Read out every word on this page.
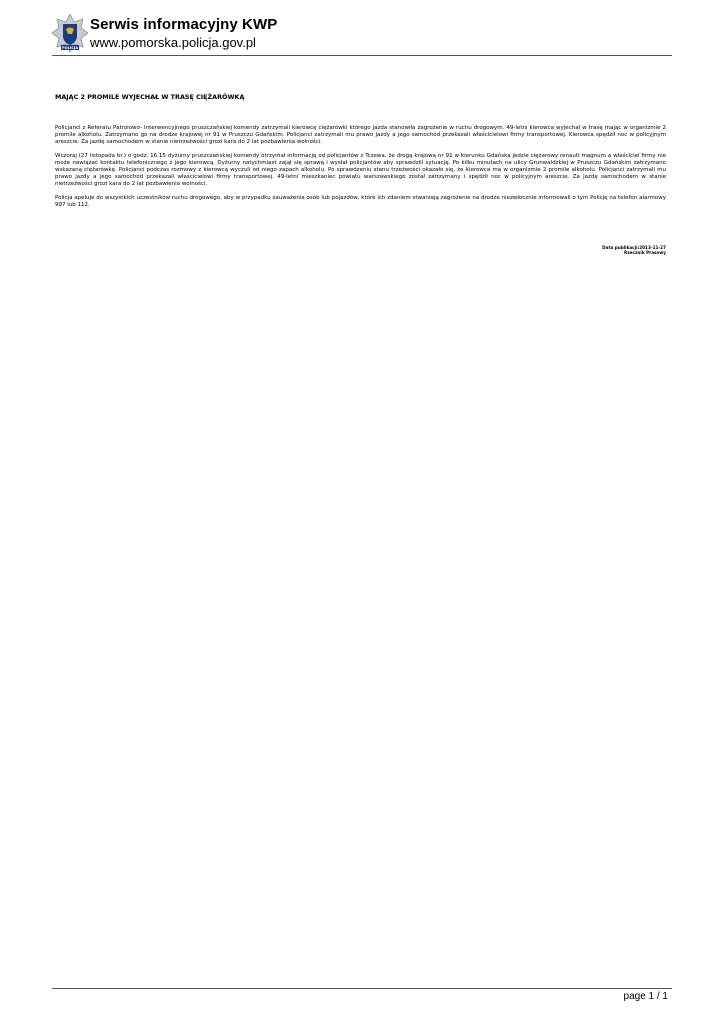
POLICJA
Serwis informacyjny KWP
www.pomorska.policja.gov.pl
MAJĄC 2 PROMILE WYJECHAŁ W TRASĘ CIĘŻARÓWKĄ

Policjanci z Referatu Patrolowo- Interwencyjnego pruszczańskiej komendy zatrzymali kierowcę ciężarówki którego jazda stanowiła zagrożenie w ruchu drogowym. 49-letni kierowca wyjechał w trasę mając w organizmie 2 promile alkoholu. Zatrzymano go na drodze krajowej nr 91 w Pruszczu Gdańskim. Policjanci zatrzymali mu prawo jazdy a jego samochód przekazali właścicielowi firmy transportowej. Kierowca spędził noc w policyjnym areszcie. Za jazdę samochodem w stanie nietrzeźwości grozi kara do 2 lat pozbawienia wolności.

Wczoraj (27 listopada br.) o godz. 16.15 dyżurny pruszczańskiej komendy otrzymał informację od policjantów z Tczewa, że drogą krajową nr 91 w kierunku Gdańska jedzie ciężarowy renault magnum a właściciel firmy nie może nawiązać kontaktu telefonicznego z jego kierowcą. Dyżurny natychmiast zajął się sprawą i wysłał policjantów aby sprawdzili sytuację. Po kilku minutach na ulicy Grunwaldzkiej w Pruszczu Gdańskim zatrzymano wskazaną ciężarówkę. Policjanci podczas rozmowy z kierowcą wyczuli od niego zapach alkoholu. Po sprawdzeniu stanu trzeźwości okazało się, że kierowca ma w organizmie 2 promile alkoholu. Policjanci zatrzymali mu prawo jazdy a jego samochód przekazali właścicielowi firmy transportowej. 49-letni mieszkaniec powiatu warszawskiego został zatrzymany i spędził noc w policyjnym areszcie. Za jazdę samochodem w stanie nietrzeźwości grozi kara do 2 lat pozbawienia wolności.

Policja apeluje do wszystkich uczestników ruchu drogowego, aby w przypadku zauważenia osób lub pojazdów, które ich zdaniem stwarzają zagrożenie na drodze niezwłocznie informowali o tym Policję na telefon alarmowy 997 lub 112.

Data publikacji:2013-11-27
Rzecznik Prasowy
page 1 / 1
